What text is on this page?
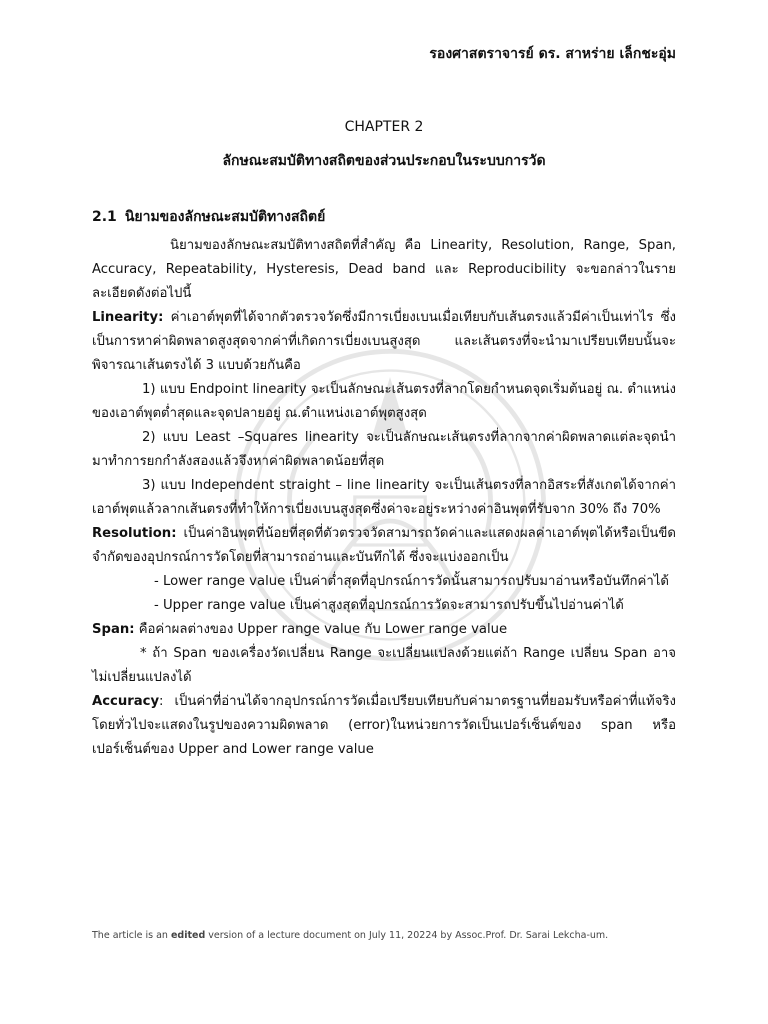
รองศาสตราจารย์ ดร. สาหร่าย เล็กชะอุ่ม
CHAPTER 2
ลักษณะสมบัติทางสถิตของส่วนประกอบในระบบการวัด
2.1 นิยามของลักษณะสมบัติทางสถิตย์

นิยามของลักษณะสมบัติทางสถิตที่สำคัญ คือ Linearity, Resolution, Range, Span, Accuracy, Repeatability, Hysteresis, Dead band และ Reproducibility จะขอกล่าวในรายละเอียดดังต่อไปนี้

Linearity: ค่าเอาต์พุตที่ได้จากตัวตรวจวัดซึ่งมีการเบี่ยงเบนเมื่อเทียบกับเส้นตรงแล้วมีค่าเป็นเท่าไร ซึ่งเป็นการหาค่าผิดพลาดสูงสุดจากค่าที่เกิดการเบี่ยงเบนสูงสุด และเส้นตรงที่จะนำมาเปรียบเทียบนั้นจะพิจารณาเส้นตรงได้ 3 แบบด้วยกันคือ

1) แบบ Endpoint linearity จะเป็นลักษณะเส้นตรงที่ลากโดยกำหนดจุดเริ่มต้นอยู่ ณ. ตำแหน่งของเอาต์พุตต่ำสุดและจุดปลายอยู่ ณ.ตำแหน่งเอาต์พุตสูงสุด

2) แบบ Least –Squares linearity จะเป็นลักษณะเส้นตรงที่ลากจากค่าผิดพลาดแต่ละจุดนำมาทำการยกกำลังสองแล้วจึงหาค่าผิดพลาดน้อยที่สุด

3) แบบ Independent straight – line linearity จะเป็นเส้นตรงที่ลากอิสระที่สังเกตได้จากค่าเอาต์พุตแล้วลากเส้นตรงที่ทำให้การเบี่ยงเบนสูงสุดซึ่งค่าจะอยู่ระหว่างค่าอินพุตที่รับจาก 30% ถึง 70%

Resolution: เป็นค่าอินพุตที่น้อยที่สุดที่ตัวตรวจวัดสามารถวัดค่าและแสดงผลค่าเอาต์พุตได้หรือเป็นขีดจำกัดของอุปกรณ์การวัดโดยที่สามารถอ่านและบันทึกได้ ซึ่งจะแบ่งออกเป็น

- Lower range value เป็นค่าต่ำสุดที่อุปกรณ์การวัดนั้นสามารถปรับมาอ่านหรือบันทึกค่าได้

- Upper range value เป็นค่าสูงสุดที่อุปกรณ์การวัดจะสามารถปรับขึ้นไปอ่านค่าได้

Span: คือค่าผลต่างของ Upper range value กับ Lower range value

* ถ้า Span ของเครื่องวัดเปลี่ยน Range จะเปลี่ยนแปลงด้วยแต่ถ้า Range เปลี่ยน Span อาจไม่เปลี่ยนแปลงได้

Accuracy: เป็นค่าที่อ่านได้จากอุปกรณ์การวัดเมื่อเปรียบเทียบกับค่ามาตรฐานที่ยอมรับหรือค่าที่แท้จริง โดยทั่วไปจะแสดงในรูปของความผิดพลาด (error)ในหน่วยการวัดเป็นเปอร์เซ็นต์ของ span หรือ เปอร์เซ็นต์ของ Upper and Lower range value

The article is an edited version of a lecture document on July 11, 20224 by Assoc.Prof. Dr. Sarai Lekcha-um.
